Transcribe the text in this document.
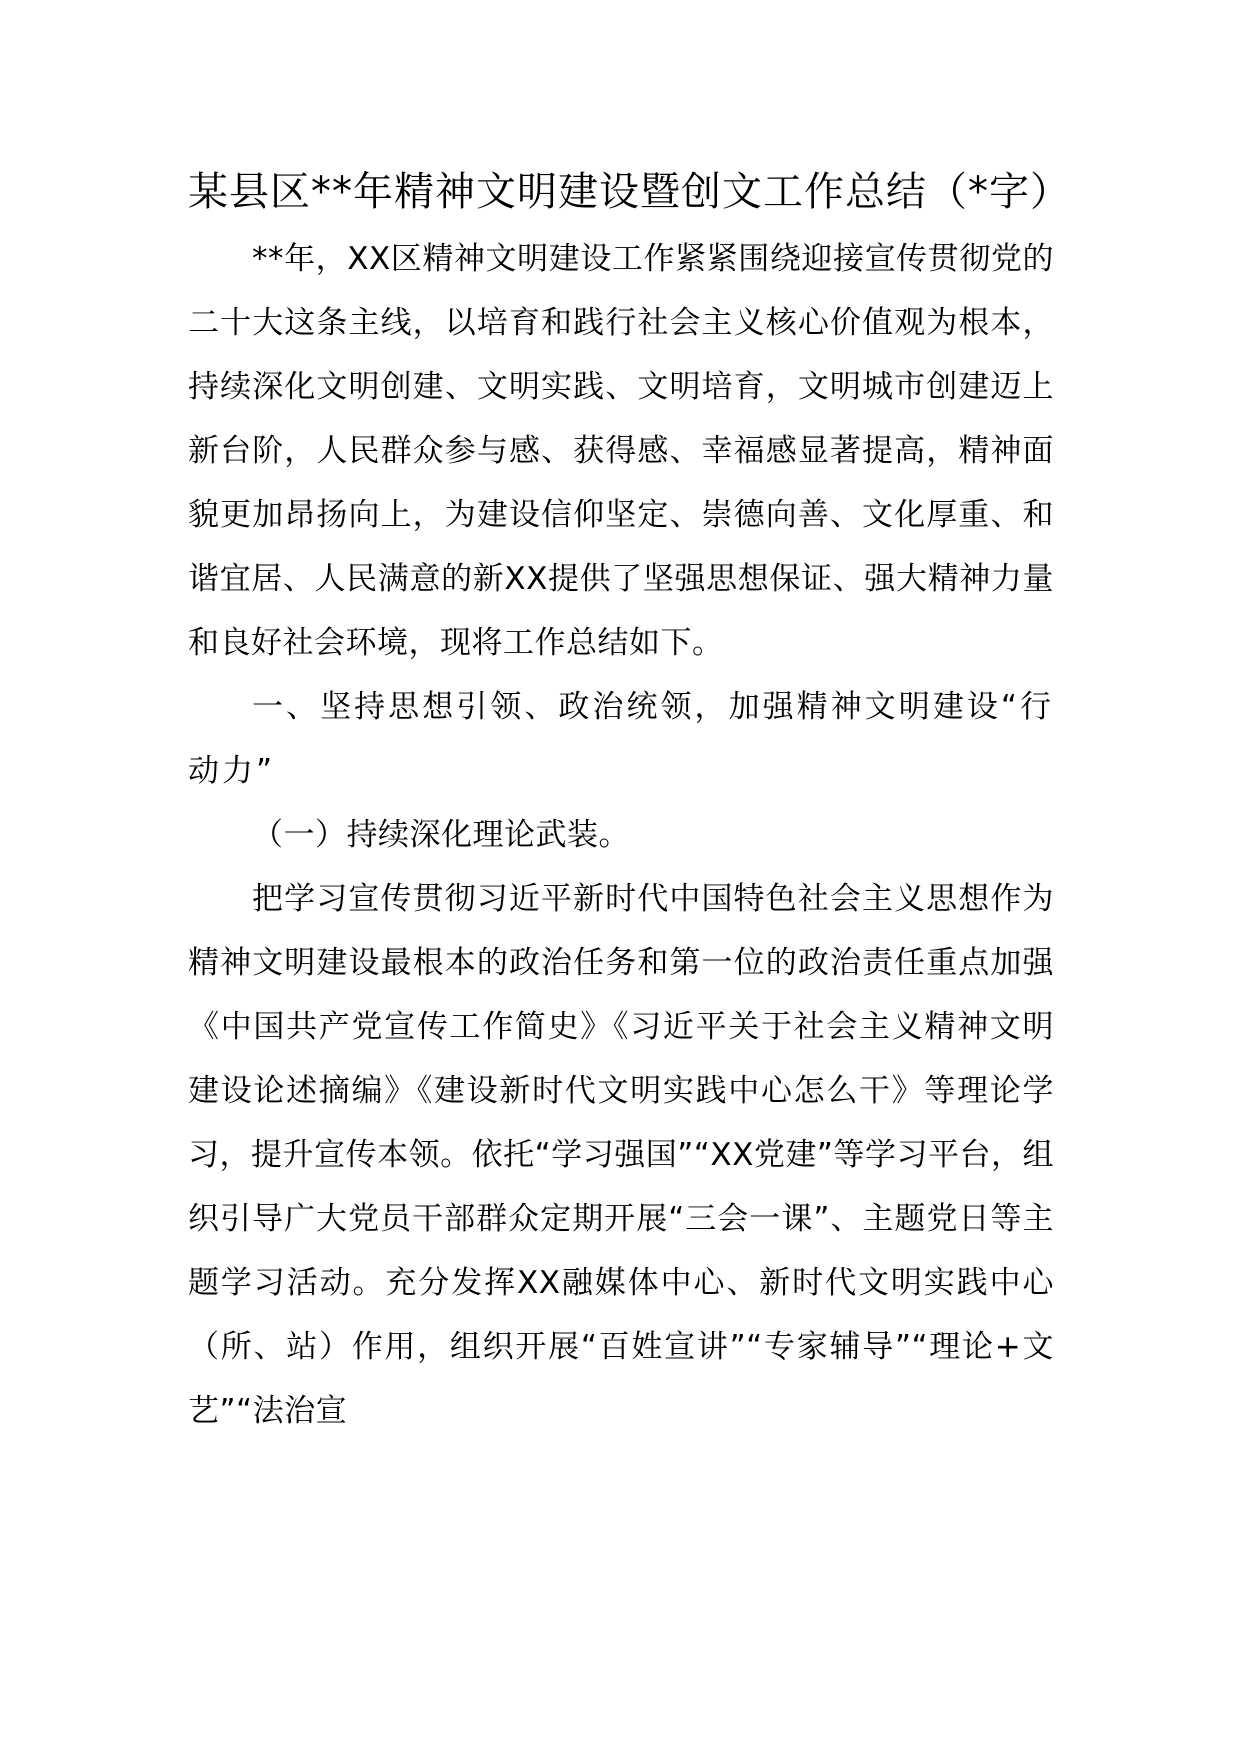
某县区**年精神文明建设暨创文工作总结（*字）

**年，XX区精神文明建设工作紧紧围绕迎接宣传贯彻党的二十大这条主线，以培育和践行社会主义核心价值观为根本，持续深化文明创建、文明实践、文明培育，文明城市创建迈上新台阶，人民群众参与感、获得感、幸福感显著提高，精神面貌更加昂扬向上，为建设信仰坚定、崇德向善、文化厚重、和谐宜居、人民满意的新XX提供了坚强思想保证、强大精神力量和良好社会环境，现将工作总结如下。

一、坚持思想引领、政治统领，加强精神文明建设“行动力”

（一）持续深化理论武装。

把学习宣传贯彻习近平新时代中国特色社会主义思想作为精神文明建设最根本的政治任务和第一位的政治责任重点加强《中国共产党宣传工作简史》《习近平关于社会主义精神文明建设论述摘编》《建设新时代文明实践中心怎么干》等理论学习，提升宣传本领。依托“学习强国”“XX党建”等学习平台，组织引导广大党员干部群众定期开展“三会一课”、主题党日等主题学习活动。充分发挥XX融媒体中心、新时代文明实践中心（所、站）作用，组织开展“百姓宣讲”“专家辅导”“理论+文艺”“法治宣
